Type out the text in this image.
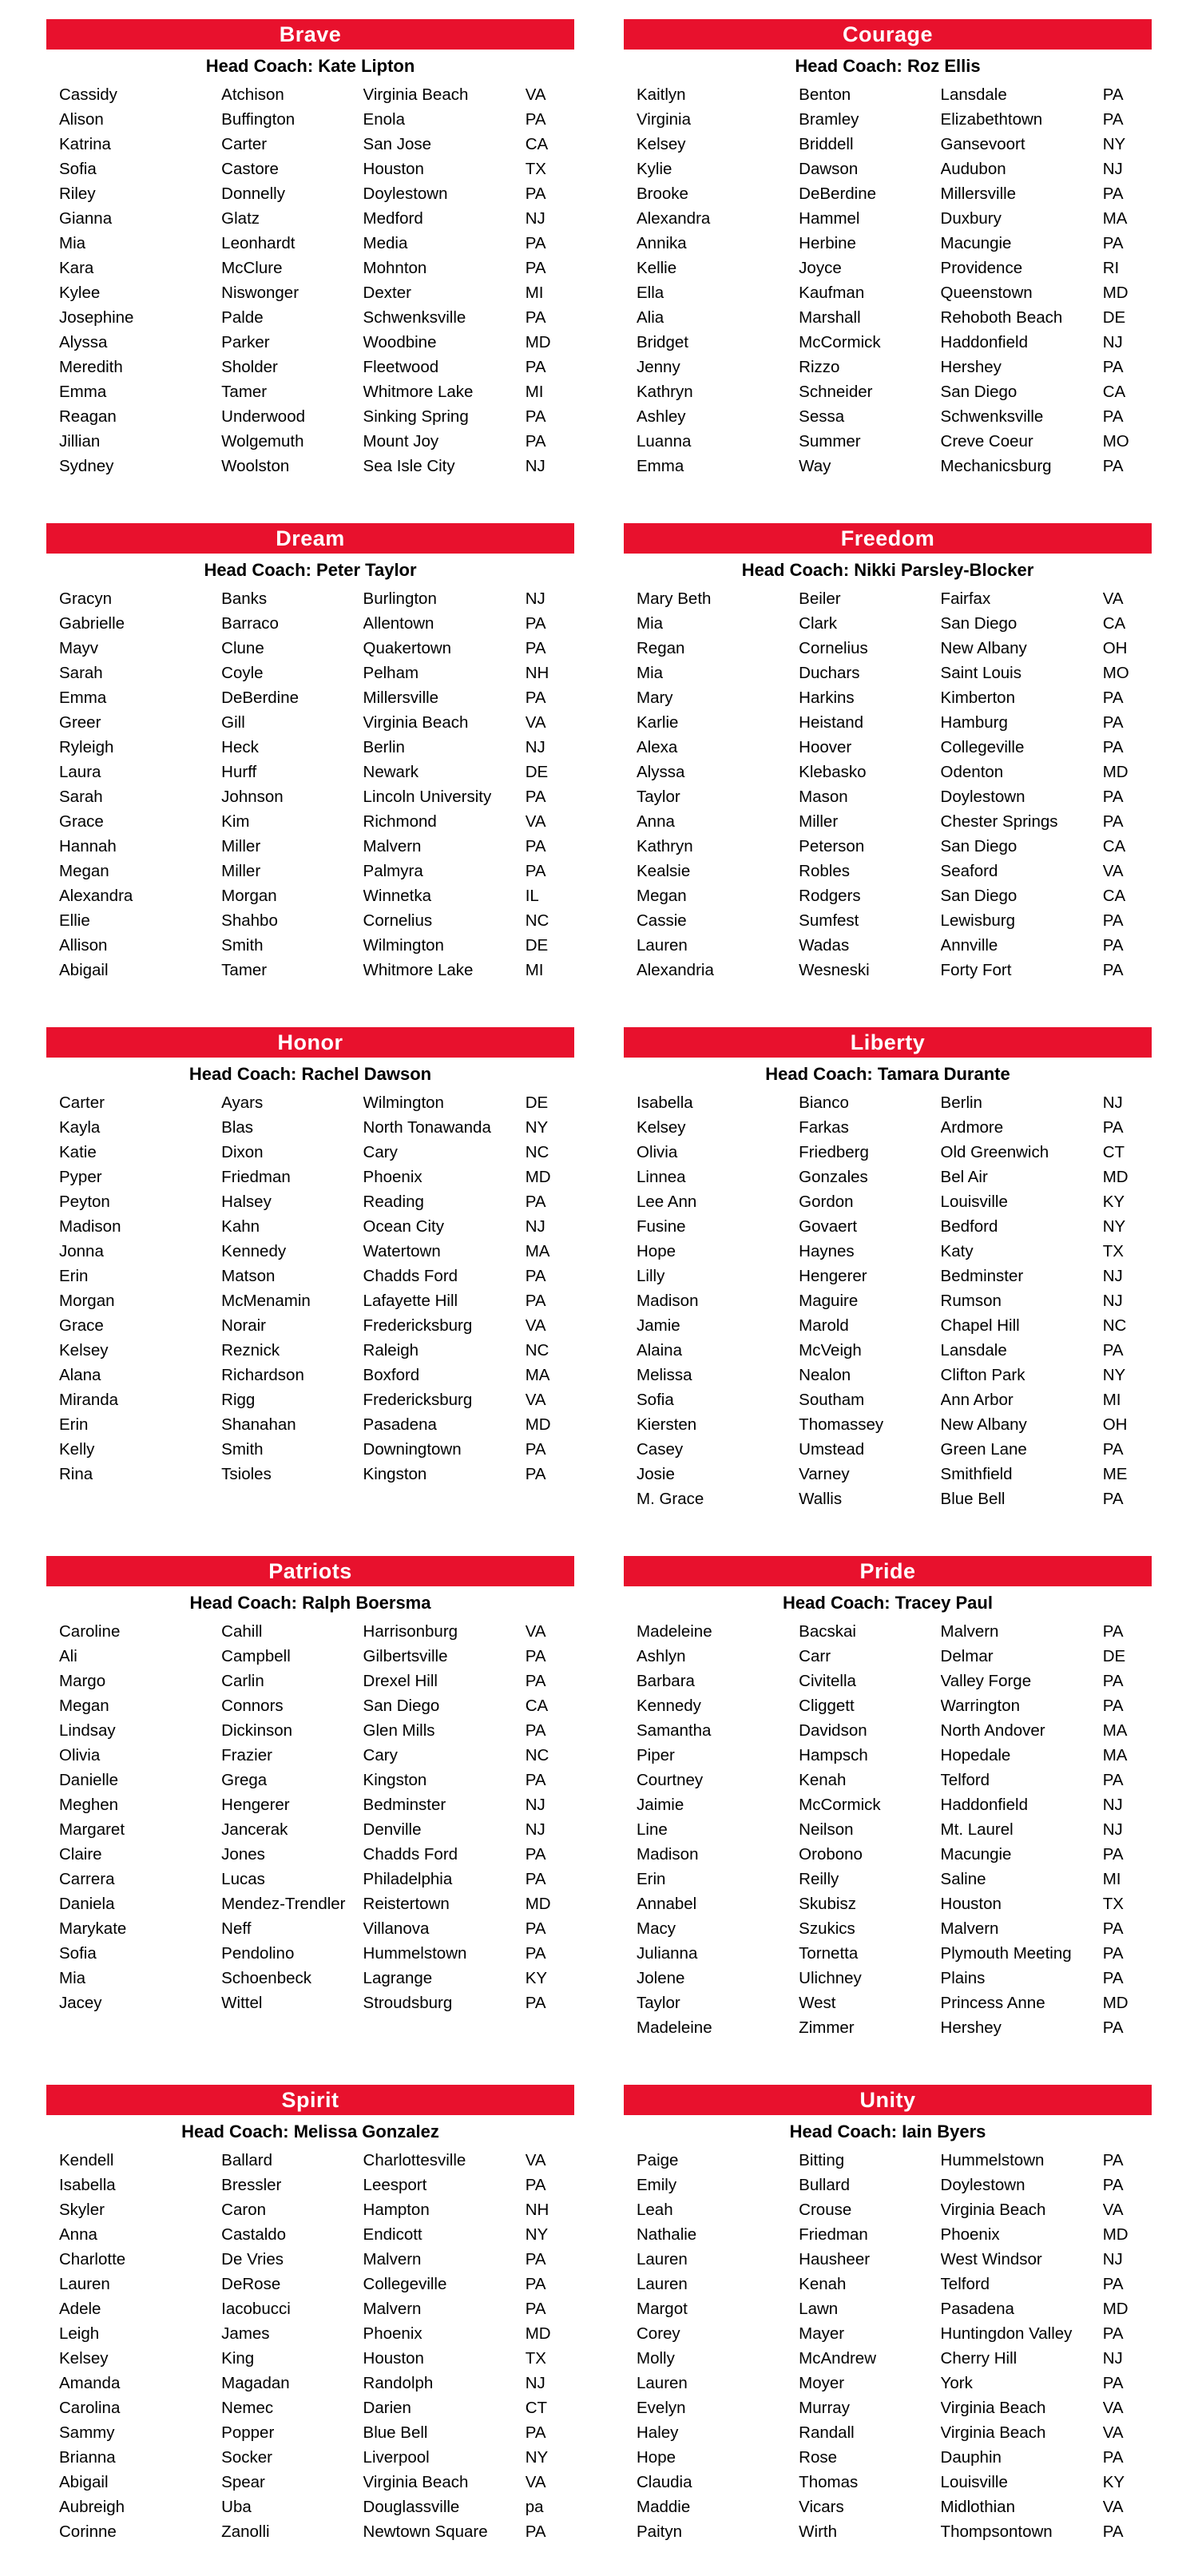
Brave
Head Coach: Kate Lipton
Cassidy	Atchison	Virginia Beach	VA
Alison	Buffington	Enola	PA
Katrina	Carter	San Jose	CA
Sofia	Castore	Houston	TX
Riley	Donnelly	Doylestown	PA
Gianna	Glatz	Medford	NJ
Mia	Leonhardt	Media	PA
Kara	McClure	Mohnton	PA
Kylee	Niswonger	Dexter	MI
Josephine	Palde	Schwenksville	PA
Alyssa	Parker	Woodbine	MD
Meredith	Sholder	Fleetwood	PA
Emma	Tamer	Whitmore Lake	MI
Reagan	Underwood	Sinking Spring	PA
Jillian	Wolgemuth	Mount Joy	PA
Sydney	Woolston	Sea Isle City	NJ
Courage
Head Coach: Roz Ellis
Kaitlyn	Benton	Lansdale	PA
Virginia	Bramley	Elizabethtown	PA
Kelsey	Briddell	Gansevoort	NY
Kylie	Dawson	Audubon	NJ
Brooke	DeBerdine	Millersville	PA
Alexandra	Hammel	Duxbury	MA
Annika	Herbine	Macungie	PA
Kellie	Joyce	Providence	RI
Ella	Kaufman	Queenstown	MD
Alia	Marshall	Rehoboth Beach	DE
Bridget	McCormick	Haddonfield	NJ
Jenny	Rizzo	Hershey	PA
Kathryn	Schneider	San Diego	CA
Ashley	Sessa	Schwenksville	PA
Luanna	Summer	Creve Coeur	MO
Emma	Way	Mechanicsburg	PA
Dream
Head Coach: Peter Taylor
Gracyn	Banks	Burlington	NJ
Gabrielle	Barraco	Allentown	PA
Mayv	Clune	Quakertown	PA
Sarah	Coyle	Pelham	NH
Emma	DeBerdine	Millersville	PA
Greer	Gill	Virginia Beach	VA
Ryleigh	Heck	Berlin	NJ
Laura	Hurff	Newark	DE
Sarah	Johnson	Lincoln University	PA
Grace	Kim	Richmond	VA
Hannah	Miller	Malvern	PA
Megan	Miller	Palmyra	PA
Alexandra	Morgan	Winnetka	IL
Ellie	Shahbo	Cornelius	NC
Allison	Smith	Wilmington	DE
Abigail	Tamer	Whitmore Lake	MI
Freedom
Head Coach: Nikki Parsley-Blocker
Mary Beth	Beiler	Fairfax	VA
Mia	Clark	San Diego	CA
Regan	Cornelius	New Albany	OH
Mia	Duchars	Saint Louis	MO
Mary	Harkins	Kimberton	PA
Karlie	Heistand	Hamburg	PA
Alexa	Hoover	Collegeville	PA
Alyssa	Klebasko	Odenton	MD
Taylor	Mason	Doylestown	PA
Anna	Miller	Chester Springs	PA
Kathryn	Peterson	San Diego	CA
Kealsie	Robles	Seaford	VA
Megan	Rodgers	San Diego	CA
Cassie	Sumfest	Lewisburg	PA
Lauren	Wadas	Annville	PA
Alexandria	Wesneski	Forty Fort	PA
Honor
Head Coach: Rachel Dawson
Carter	Ayars	Wilmington	DE
Kayla	Blas	North Tonawanda	NY
Katie	Dixon	Cary	NC
Pyper	Friedman	Phoenix	MD
Peyton	Halsey	Reading	PA
Madison	Kahn	Ocean City	NJ
Jonna	Kennedy	Watertown	MA
Erin	Matson	Chadds Ford	PA
Morgan	McMenamin	Lafayette Hill	PA
Grace	Norair	Fredericksburg	VA
Kelsey	Reznick	Raleigh	NC
Alana	Richardson	Boxford	MA
Miranda	Rigg	Fredericksburg	VA
Erin	Shanahan	Pasadena	MD
Kelly	Smith	Downingtown	PA
Rina	Tsioles	Kingston	PA
Liberty
Head Coach: Tamara Durante
Isabella	Bianco	Berlin	NJ
Kelsey	Farkas	Ardmore	PA
Olivia	Friedberg	Old Greenwich	CT
Linnea	Gonzales	Bel Air	MD
Lee Ann	Gordon	Louisville	KY
Fusine	Govaert	Bedford	NY
Hope	Haynes	Katy	TX
Lilly	Hengerer	Bedminster	NJ
Madison	Maguire	Rumson	NJ
Jamie	Marold	Chapel Hill	NC
Alaina	McVeigh	Lansdale	PA
Melissa	Nealon	Clifton Park	NY
Sofia	Southam	Ann Arbor	MI
Kiersten	Thomassey	New Albany	OH
Casey	Umstead	Green Lane	PA
Josie	Varney	Smithfield	ME
M. Grace	Wallis	Blue Bell	PA
Patriots
Head Coach: Ralph Boersma
Caroline	Cahill	Harrisonburg	VA
Ali	Campbell	Gilbertsville	PA
Margo	Carlin	Drexel Hill	PA
Megan	Connors	San Diego	CA
Lindsay	Dickinson	Glen Mills	PA
Olivia	Frazier	Cary	NC
Danielle	Grega	Kingston	PA
Meghen	Hengerer	Bedminster	NJ
Margaret	Jancerak	Denville	NJ
Claire	Jones	Chadds Ford	PA
Carrera	Lucas	Philadelphia	PA
Daniela	Mendez-Trendler	Reistertown	MD
Marykate	Neff	Villanova	PA
Sofia	Pendolino	Hummelstown	PA
Mia	Schoenbeck	Lagrange	KY
Jacey	Wittel	Stroudsburg	PA
Pride
Head Coach: Tracey Paul
Madeleine	Bacskai	Malvern	PA
Ashlyn	Carr	Delmar	DE
Barbara	Civitella	Valley Forge	PA
Kennedy	Cliggett	Warrington	PA
Samantha	Davidson	North Andover	MA
Piper	Hampsch	Hopedale	MA
Courtney	Kenah	Telford	PA
Jaimie	McCormick	Haddonfield	NJ
Line	Neilson	Mt. Laurel	NJ
Madison	Orobono	Macungie	PA
Erin	Reilly	Saline	MI
Annabel	Skubisz	Houston	TX
Macy	Szukics	Malvern	PA
Julianna	Tornetta	Plymouth Meeting	PA
Jolene	Ulichney	Plains	PA
Taylor	West	Princess Anne	MD
Madeleine	Zimmer	Hershey	PA
Spirit
Head Coach: Melissa Gonzalez
Kendell	Ballard	Charlottesville	VA
Isabella	Bressler	Leesport	PA
Skyler	Caron	Hampton	NH
Anna	Castaldo	Endicott	NY
Charlotte	De Vries	Malvern	PA
Lauren	DeRose	Collegeville	PA
Adele	Iacobucci	Malvern	PA
Leigh	James	Phoenix	MD
Kelsey	King	Houston	TX
Amanda	Magadan	Randolph	NJ
Carolina	Nemec	Darien	CT
Sammy	Popper	Blue Bell	PA
Brianna	Socker	Liverpool	NY
Abigail	Spear	Virginia Beach	VA
Aubreigh	Uba	Douglassville	pa
Corinne	Zanolli	Newtown Square	PA
Unity
Head Coach: Iain Byers
Paige	Bitting	Hummelstown	PA
Emily	Bullard	Doylestown	PA
Leah	Crouse	Virginia Beach	VA
Nathalie	Friedman	Phoenix	MD
Lauren	Hausheer	West Windsor	NJ
Lauren	Kenah	Telford	PA
Margot	Lawn	Pasadena	MD
Corey	Mayer	Huntingdon Valley	PA
Molly	McAndrew	Cherry Hill	NJ
Lauren	Moyer	York	PA
Evelyn	Murray	Virginia Beach	VA
Haley	Randall	Virginia Beach	VA
Hope	Rose	Dauphin	PA
Claudia	Thomas	Louisville	KY
Maddie	Vicars	Midlothian	VA
Paityn	Wirth	Thompsontown	PA
